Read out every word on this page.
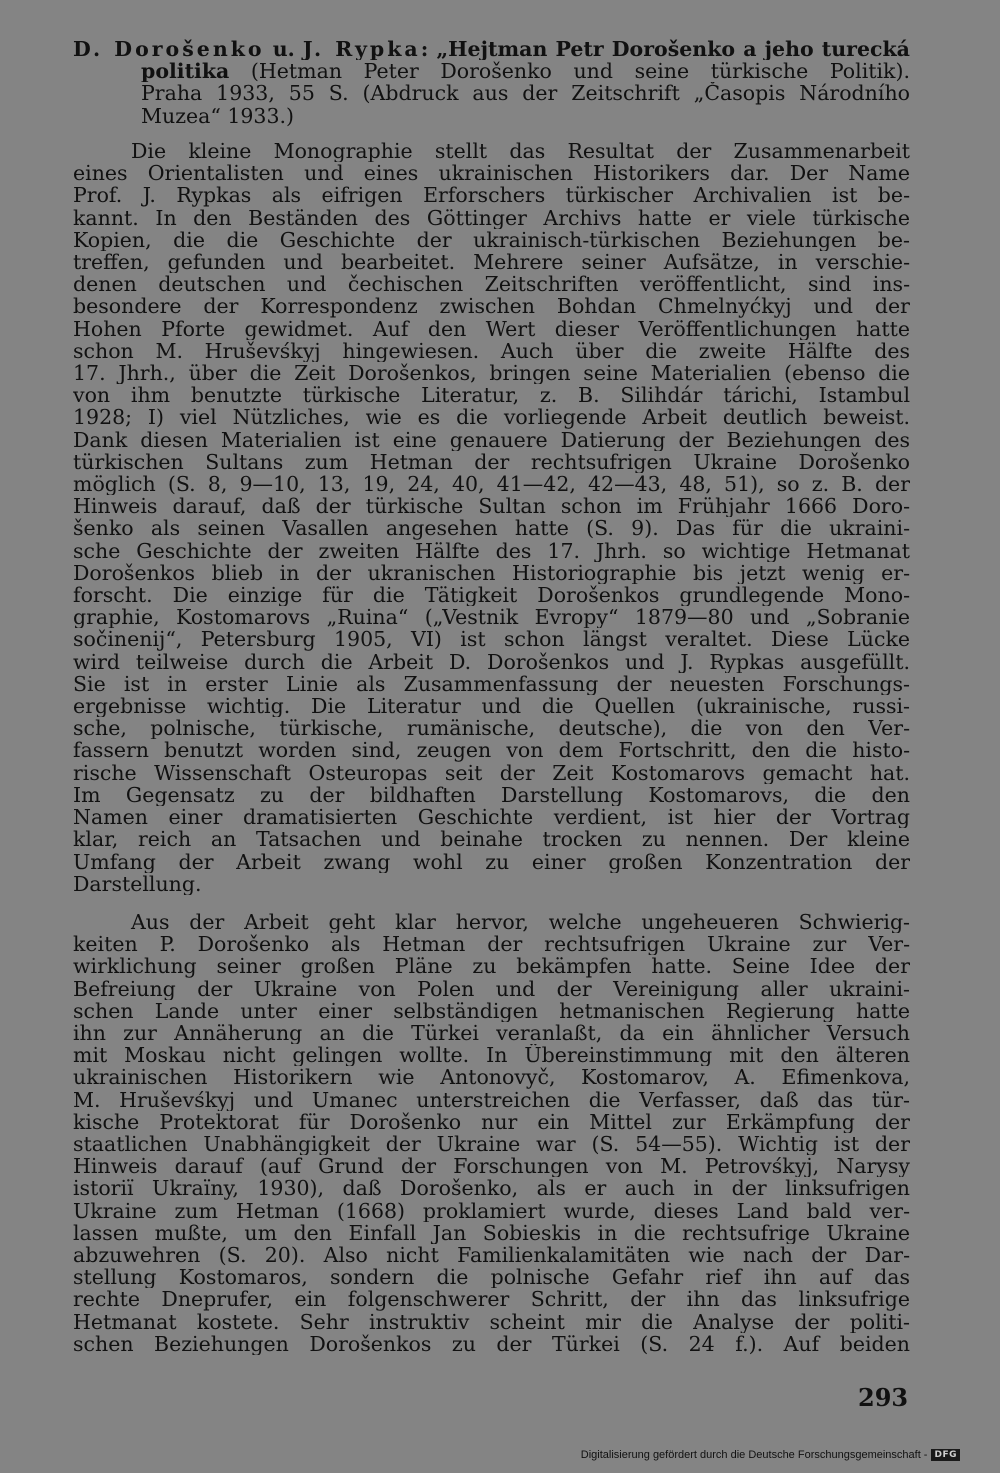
D. Dorošenko u. J. Rypka: „Hejtman Petr Dorošenko a jeho turecká
politika (Hetman Peter Dorošenko und seine türkische Politik).
Praha 1933, 55 S. (Abdruck aus der Zeitschrift „Časopis Národního
Muzea“ 1933.)
Die kleine Monographie stellt das Resultat der Zusammenarbeit
eines Orientalisten und eines ukrainischen Historikers dar. Der Name
Prof. J. Rypkas als eifrigen Erforschers türkischer Archivalien ist be-
kannt. In den Beständen des Göttinger Archivs hatte er viele türkische
Kopien, die die Geschichte der ukrainisch-türkischen Beziehungen be-
treffen, gefunden und bearbeitet. Mehrere seiner Aufsätze, in verschie-
denen deutschen und čechischen Zeitschriften veröffentlicht, sind ins-
besondere der Korrespondenz zwischen Bohdan Chmelnyćkyj und der
Hohen Pforte gewidmet. Auf den Wert dieser Veröffentlichungen hatte
schon M. Hruševśkyj hingewiesen. Auch über die zweite Hälfte des
17. Jhrh., über die Zeit Dorošenkos, bringen seine Materialien (ebenso die
von ihm benutzte türkische Literatur, z. B. Silihdár tárichi, Istambul
1928; I) viel Nützliches, wie es die vorliegende Arbeit deutlich beweist.
Dank diesen Materialien ist eine genauere Datierung der Beziehungen des
türkischen Sultans zum Hetman der rechtsufrigen Ukraine Dorošenko
möglich (S. 8, 9—10, 13, 19, 24, 40, 41—42, 42—43, 48, 51), so z. B. der
Hinweis darauf, daß der türkische Sultan schon im Frühjahr 1666 Doro-
šenko als seinen Vasallen angesehen hatte (S. 9). Das für die ukraini-
sche Geschichte der zweiten Hälfte des 17. Jhrh. so wichtige Hetmanat
Dorošenkos blieb in der ukranischen Historiographie bis jetzt wenig er-
forscht. Die einzige für die Tätigkeit Dorošenkos grundlegende Mono-
graphie, Kostomarovs „Ruina“ („Vestnik Evropy“ 1879—80 und „Sobranie
sočinenij“, Petersburg 1905, VI) ist schon längst veraltet. Diese Lücke
wird teilweise durch die Arbeit D. Dorošenkos und J. Rypkas ausgefüllt.
Sie ist in erster Linie als Zusammenfassung der neuesten Forschungs-
ergebnisse wichtig. Die Literatur und die Quellen (ukrainische, russi-
sche, polnische, türkische, rumänische, deutsche), die von den Ver-
fassern benutzt worden sind, zeugen von dem Fortschritt, den die histo-
rische Wissenschaft Osteuropas seit der Zeit Kostomarovs gemacht hat.
Im Gegensatz zu der bildhaften Darstellung Kostomarovs, die den
Namen einer dramatisierten Geschichte verdient, ist hier der Vortrag
klar, reich an Tatsachen und beinahe trocken zu nennen. Der kleine
Umfang der Arbeit zwang wohl zu einer großen Konzentration der
Darstellung.
Aus der Arbeit geht klar hervor, welche ungeheueren Schwierig-
keiten P. Dorošenko als Hetman der rechtsufrigen Ukraine zur Ver-
wirklichung seiner großen Pläne zu bekämpfen hatte. Seine Idee der
Befreiung der Ukraine von Polen und der Vereinigung aller ukraini-
schen Lande unter einer selbständigen hetmanischen Regierung hatte
ihn zur Annäherung an die Türkei veranlaßt, da ein ähnlicher Versuch
mit Moskau nicht gelingen wollte. In Übereinstimmung mit den älteren
ukrainischen Historikern wie Antonovyč, Kostomarov, A. Efimenkova,
M. Hruševśkyj und Umanec unterstreichen die Verfasser, daß das tür-
kische Protektorat für Dorošenko nur ein Mittel zur Erkämpfung der
staatlichen Unabhängigkeit der Ukraine war (S. 54—55). Wichtig ist der
Hinweis darauf (auf Grund der Forschungen von M. Petrovśkyj, Narysy
istoriï Ukraïny, 1930), daß Dorošenko, als er auch in der linksufrigen
Ukraine zum Hetman (1668) proklamiert wurde, dieses Land bald ver-
lassen mußte, um den Einfall Jan Sobieskis in die rechtsufrige Ukraine
abzuwehren (S. 20). Also nicht Familienkalamitäten wie nach der Dar-
stellung Kostomaros, sondern die polnische Gefahr rief ihn auf das
rechte Dneprufer, ein folgenschwerer Schritt, der ihn das linksufrige
Hetmanat kostete. Sehr instruktiv scheint mir die Analyse der politi-
schen Beziehungen Dorošenkos zu der Türkei (S. 24 f.). Auf beiden
293
Digitalisierung gefördert durch die Deutsche Forschungsgemeinschaft - DFG
